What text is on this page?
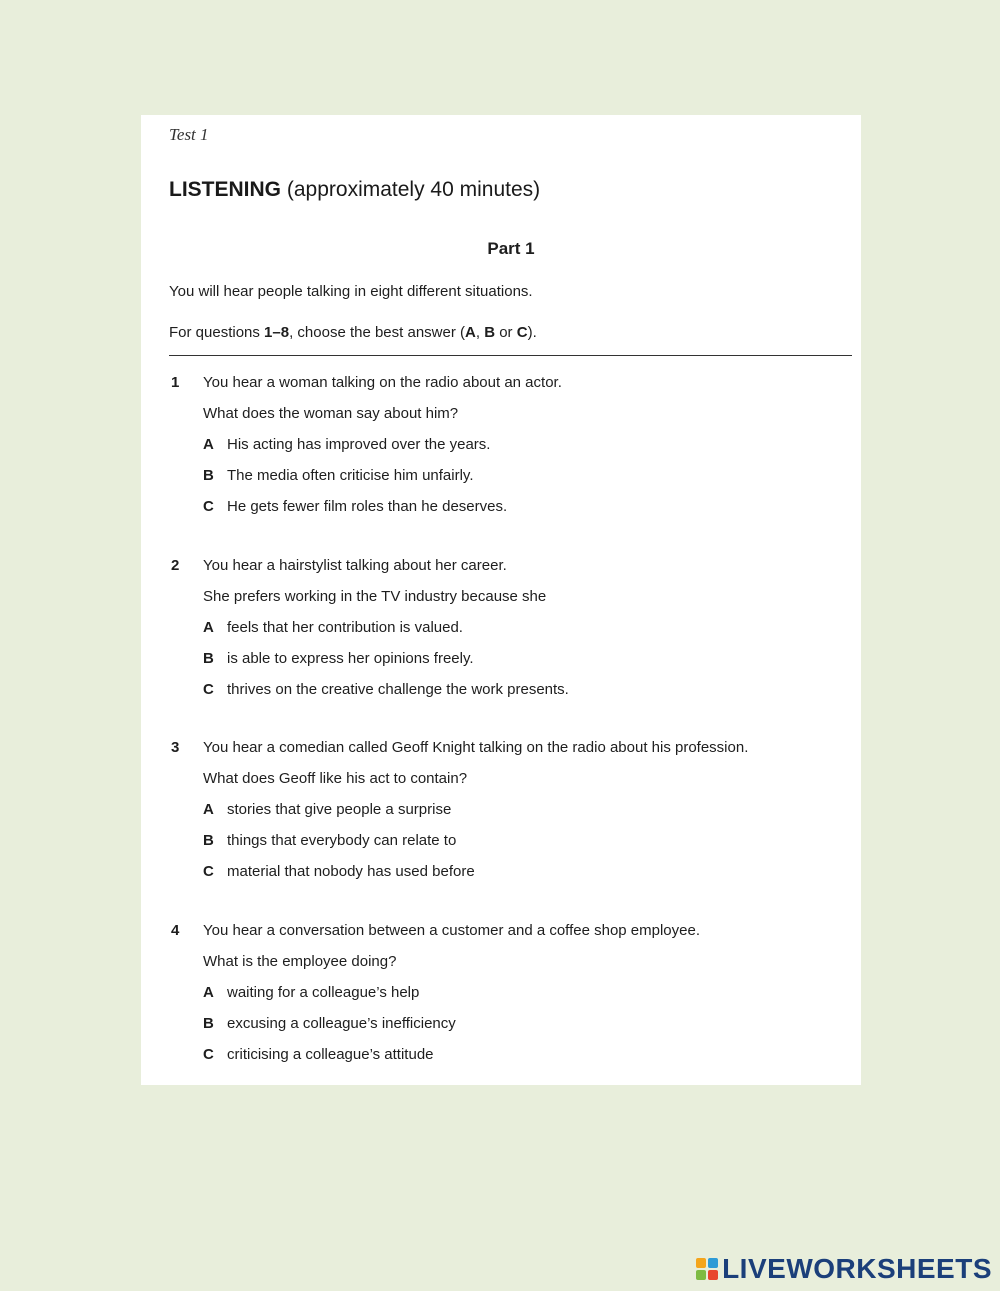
Test 1
LISTENING (approximately 40 minutes)
Part 1
You will hear people talking in eight different situations.
For questions 1–8, choose the best answer (A, B or C).
1 You hear a woman talking on the radio about an actor.
What does the woman say about him?
A His acting has improved over the years.
B The media often criticise him unfairly.
C He gets fewer film roles than he deserves.
2 You hear a hairstylist talking about her career.
She prefers working in the TV industry because she
A feels that her contribution is valued.
B is able to express her opinions freely.
C thrives on the creative challenge the work presents.
3 You hear a comedian called Geoff Knight talking on the radio about his profession.
What does Geoff like his act to contain?
A stories that give people a surprise
B things that everybody can relate to
C material that nobody has used before
4 You hear a conversation between a customer and a coffee shop employee.
What is the employee doing?
A waiting for a colleague’s help
B excusing a colleague’s inefficiency
C criticising a colleague’s attitude
LIVEWORKSHEETS
